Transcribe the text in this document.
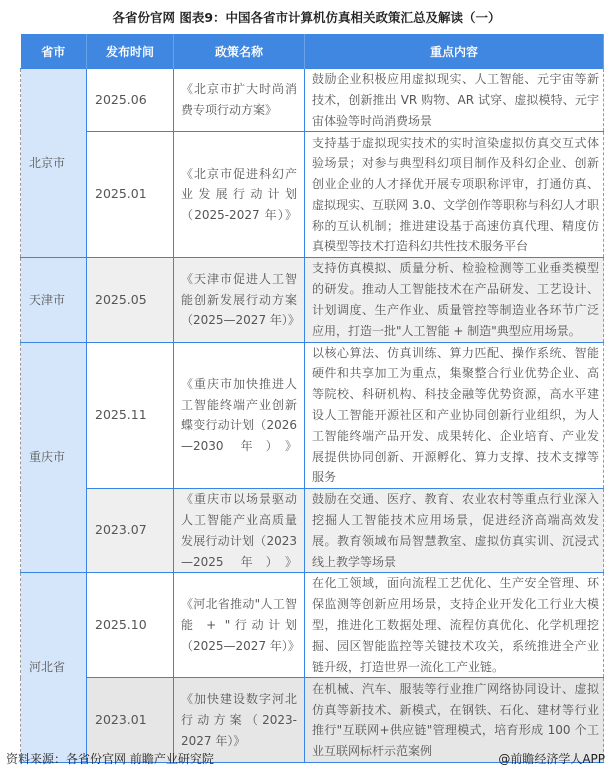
各省份官网 图表9：中国各省市计算机仿真相关政策汇总及解读（一）
省市	发布时间	政策名称	重点内容
北京市	2025.06	《北京市扩大时尚消费专项行动方案》	鼓励企业积极应用虚拟现实、人工智能、元宇宙等新技术，创新推出 VR 购物、AR 试穿、虚拟模特、元宇宙体验等时尚消费场景
	2025.01	《北京市促进科幻产业发展行动计划（2025-2027 年）》	支持基于虚拟现实技术的实时渲染虚拟仿真交互式体验场景；对参与典型科幻项目制作及科幻企业、创新创业企业的人才择优开展专项职称评审，打通仿真、虚拟现实、互联网 3.0、文学创作等职称与科幻人才职称的互认机制；推进建设基于高速仿真代理、精度仿真模型等技术打造科幻共性技术服务平台
天津市	2025.05	《天津市促进人工智能创新发展行动方案（2025—2027 年）》	支持仿真模拟、质量分析、检验检测等工业垂类模型的研发。推动人工智能技术在产品研发、工艺设计、计划调度、生产作业、质量管控等制造业各环节广泛应用，打造一批"人工智能 + 制造"典型应用场景。
重庆市	2025.11	《重庆市加快推进人工智能终端产业创新蝶变行动计划（2026—2030 年）》	以核心算法、仿真训练、算力匹配、操作系统、智能硬件和共享加工为重点，集聚整合行业优势企业、高等院校、科研机构、科技金融等优势资源，高水平建设人工智能开源社区和产业协同创新行业组织，为人工智能终端产品开发、成果转化、企业培育、产业发展提供协同创新、开源孵化、算力支撑、技术支撑等服务
	2023.07	《重庆市以场景驱动人工智能产业高质量发展行动计划（2023—2025 年）》	鼓励在交通、医疗、教育、农业农村等重点行业深入挖掘人工智能技术应用场景，促进经济高端高效发展。教育领域布局智慧教室、虚拟仿真实训、沉浸式线上教学等场景
河北省	2025.10	《河北省推动"人工智能 + "行动计划（2025—2027 年）》	在化工领域，面向流程工艺优化、生产安全管理、环保监测等创新应用场景，支持企业开发化工行业大模型，推进化工数据处理、流程仿真优化、化学机理挖掘、园区智能监控等关键技术攻关，系统推进全产业链升级，打造世界一流化工产业链。
	2023.01	《加快建设数字河北行动方案（2023-2027 年）》	在机械、汽车、服装等行业推广网络协同设计、虚拟仿真等新技术、新模式，在钢铁、石化、建材等行业推行"互联网+供应链"管理模式，培育形成 100 个工业互联网标杆示范案例
资料来源：各省份官网 前瞻产业研究院	@前瞻经济学人APP
